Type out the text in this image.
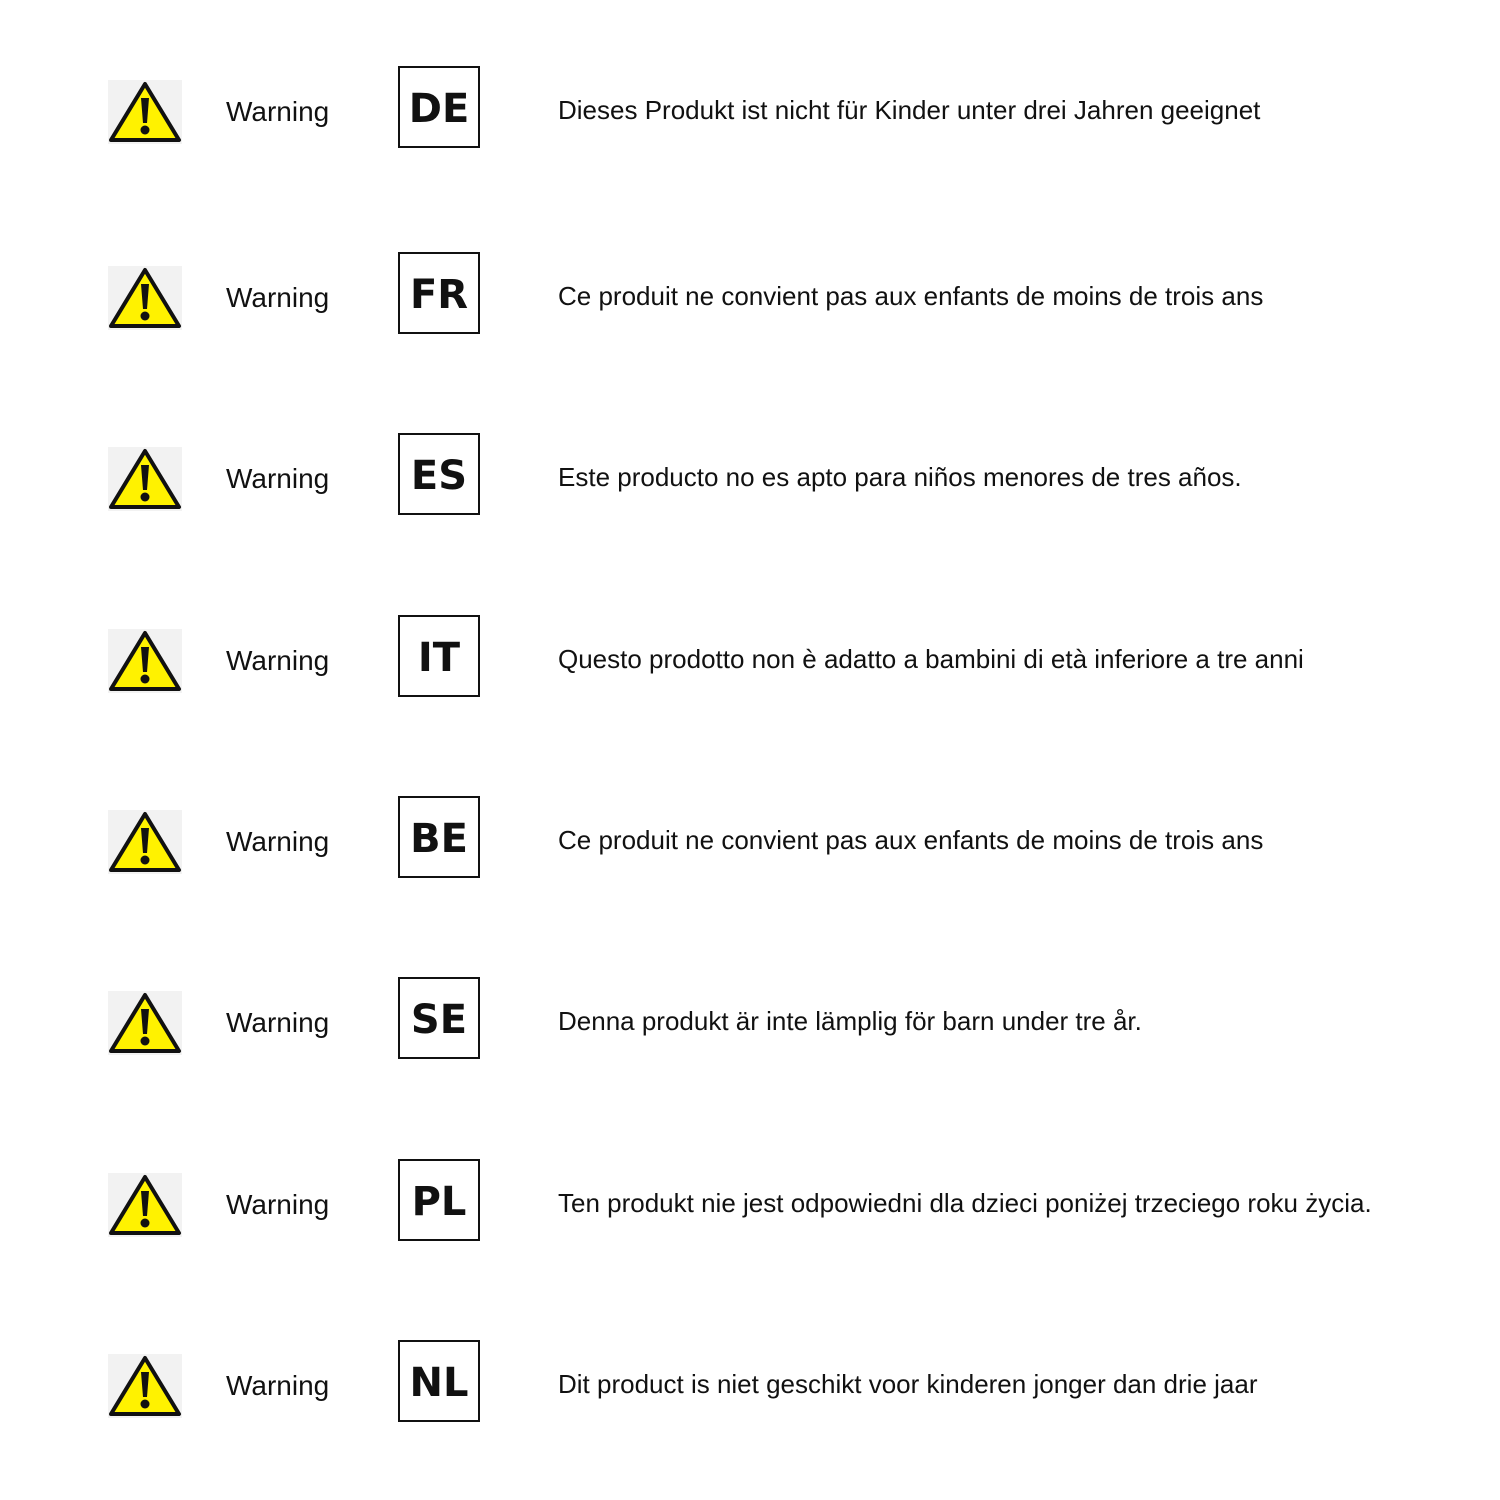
Warning DE	Dieses Produkt ist nicht für Kinder unter drei Jahren geeignet
Warning FR	Ce produit ne convient pas aux enfants de moins de trois ans
Warning	ES	Este producto no es apto para niños menores de tres años.
Warning	IT	Questo prodotto non è adatto a bambini di età inferiore a tre anni
Warning	BE	Ce produit ne convient pas aux enfants de moins de trois ans
Warning	SE	Denna produkt är inte lämplig för barn under tre år.
Warning	PL	Ten produkt nie jest odpowiedni dla dzieci poniżej trzeciego roku życia.
Warning NL	Dit product is niet geschikt voor kinderen jonger dan drie jaar
